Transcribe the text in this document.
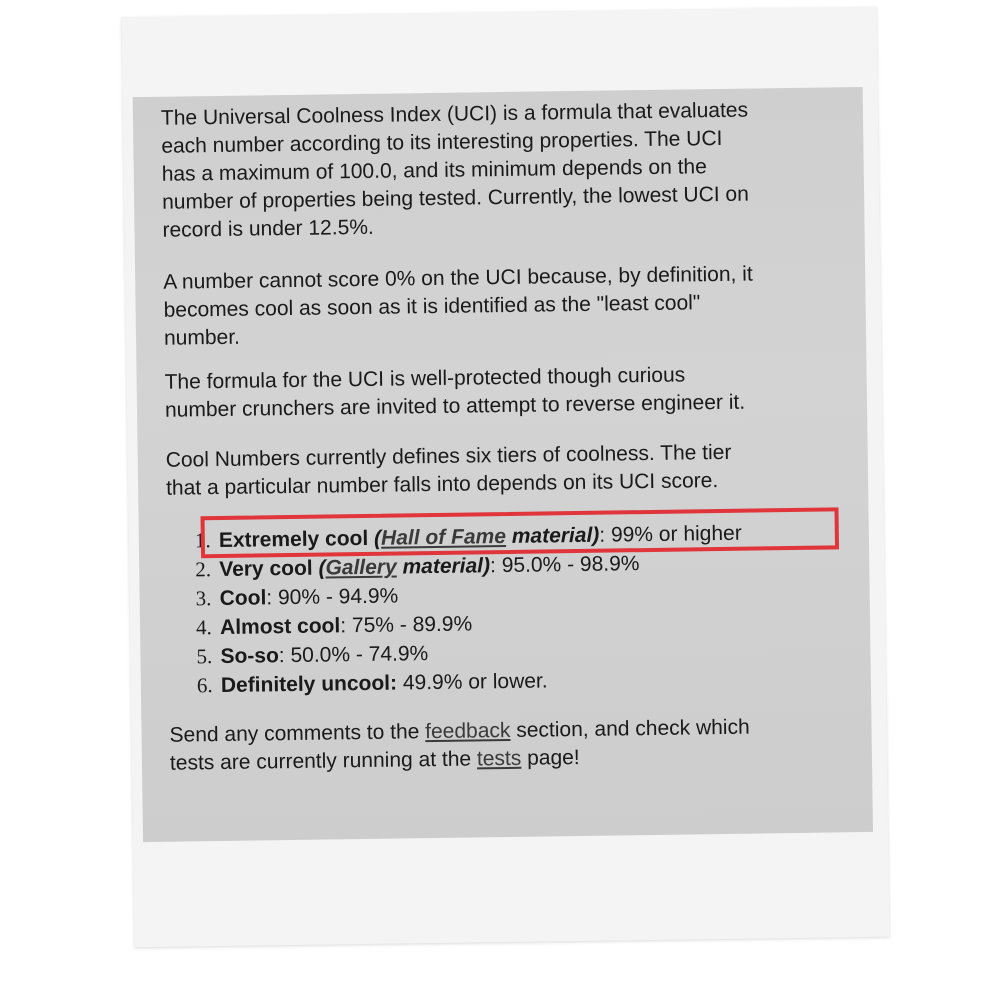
The Universal Coolness Index (UCI) is a formula that evaluates
each number according to its interesting properties. The UCI
has a maximum of 100.0, and its minimum depends on the
number of properties being tested. Currently, the lowest UCI on
record is under 12.5%.

A number cannot score 0% on the UCI because, by definition, it
becomes cool as soon as it is identified as the "least cool"
number.

The formula for the UCI is well-protected though curious
number crunchers are invited to attempt to reverse engineer it.

Cool Numbers currently defines six tiers of coolness. The tier
that a particular number falls into depends on its UCI score.

1. Extremely cool (Hall of Fame material): 99% or higher
2. Very cool (Gallery material): 95.0% - 98.9%
3. Cool: 90% - 94.9%
4. Almost cool: 75% - 89.9%
5. So-so: 50.0% - 74.9%
6. Definitely uncool: 49.9% or lower.

Send any comments to the feedback section, and check which
tests are currently running at the tests page!
